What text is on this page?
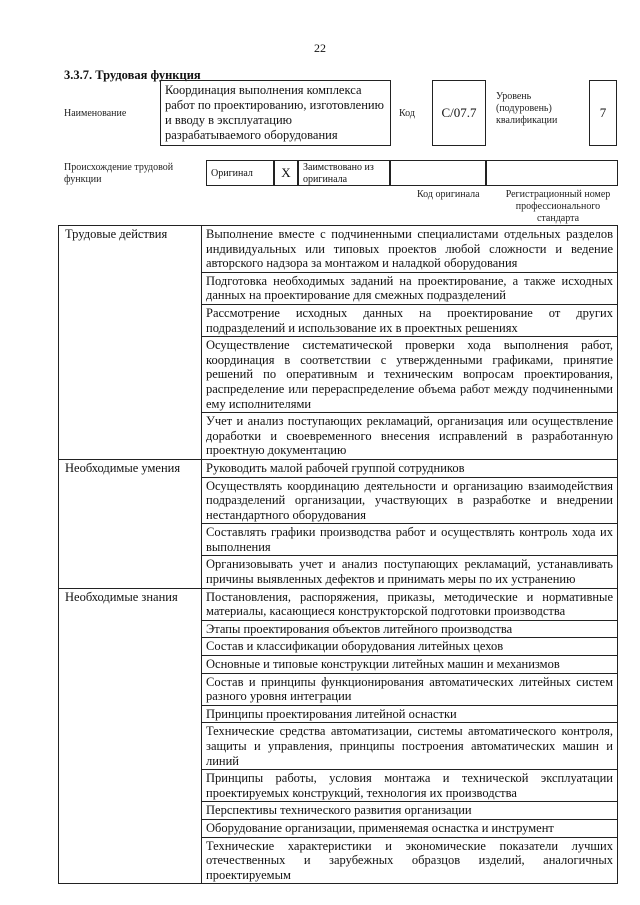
22
3.3.7. Трудовая функция
Наименование
Координация выполнения комплекса работ по проектированию, изготовлению и вводу в эксплуатацию разрабатываемого оборудования
Код	C/07.7
Уровень (подуровень) квалификации
7
Происхождение трудовой функции
Оригинал	X	Заимствовано из оригинала
Код оригинала	Регистрационный номер профессионального стандарта
Трудовые действия	Выполнение вместе с подчиненными специалистами отдельных разделов индивидуальных или типовых проектов любой сложности и ведение авторского надзора за монтажом и наладкой оборудования
	Подготовка необходимых заданий на проектирование, а также исходных данных на проектирование для смежных подразделений
	Рассмотрение исходных данных на проектирование от других подразделений и использование их в проектных решениях
	Осуществление систематической проверки хода выполнения работ, координация в соответствии с утвержденными графиками, принятие решений по оперативным и техническим вопросам проектирования, распределение или перераспределение объема работ между подчиненными ему исполнителями
	Учет и анализ поступающих рекламаций, организация или осуществление доработки и своевременного внесения исправлений в разработанную проектную документацию
Необходимые умения	Руководить малой рабочей группой сотрудников
	Осуществлять координацию деятельности и организацию взаимодействия подразделений организации, участвующих в разработке и внедрении нестандартного оборудования
	Составлять графики производства работ и осуществлять контроль хода их выполнения
	Организовывать учет и анализ поступающих рекламаций, устанавливать причины выявленных дефектов и принимать меры по их устранению
Необходимые знания	Постановления, распоряжения, приказы, методические и нормативные материалы, касающиеся конструкторской подготовки производства
	Этапы проектирования объектов литейного производства
	Состав и классификации оборудования литейных цехов
	Основные и типовые конструкции литейных машин и механизмов
	Состав и принципы функционирования автоматических литейных систем разного уровня интеграции
	Принципы проектирования литейной оснастки
	Технические средства автоматизации, системы автоматического контроля, защиты и управления, принципы построения автоматических машин и линий
	Принципы работы, условия монтажа и технической эксплуатации проектируемых конструкций, технология их производства
	Перспективы технического развития организации
	Оборудование организации, применяемая оснастка и инструмент
	Технические характеристики и экономические показатели лучших отечественных и зарубежных образцов изделий, аналогичных проектируемым
